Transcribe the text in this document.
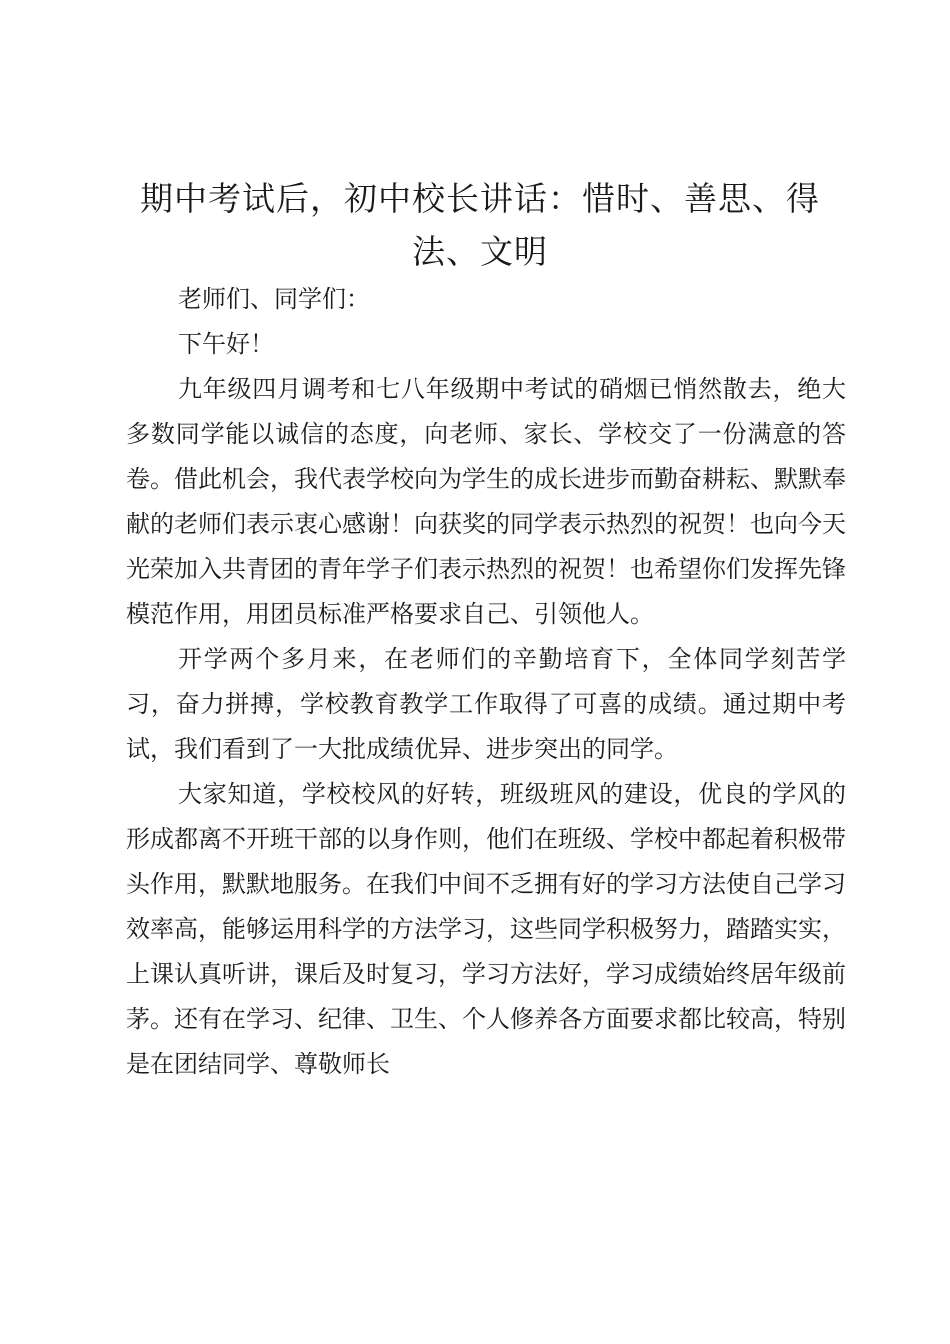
期中考试后，初中校长讲话：惜时、善思、得
法、文明

老师们、同学们：

下午好！

九年级四月调考和七八年级期中考试的硝烟已悄然散去，绝大多数同学能以诚信的态度，向老师、家长、学校交了一份满意的答卷。借此机会，我代表学校向为学生的成长进步而勤奋耕耘、默默奉献的老师们表示衷心感谢！向获奖的同学表示热烈的祝贺！也向今天光荣加入共青团的青年学子们表示热烈的祝贺！也希望你们发挥先锋模范作用，用团员标准严格要求自己、引领他人。

开学两个多月来，在老师们的辛勤培育下，全体同学刻苦学习，奋力拼搏，学校教育教学工作取得了可喜的成绩。通过期中考试，我们看到了一大批成绩优异、进步突出的同学。

大家知道，学校校风的好转，班级班风的建设，优良的学风的形成都离不开班干部的以身作则，他们在班级、学校中都起着积极带头作用，默默地服务。在我们中间不乏拥有好的学习方法使自己学习效率高，能够运用科学的方法学习，这些同学积极努力，踏踏实实，上课认真听讲，课后及时复习，学习方法好，学习成绩始终居年级前茅。还有在学习、纪律、卫生、个人修养各方面要求都比较高，特别是在团结同学、尊敬师长
